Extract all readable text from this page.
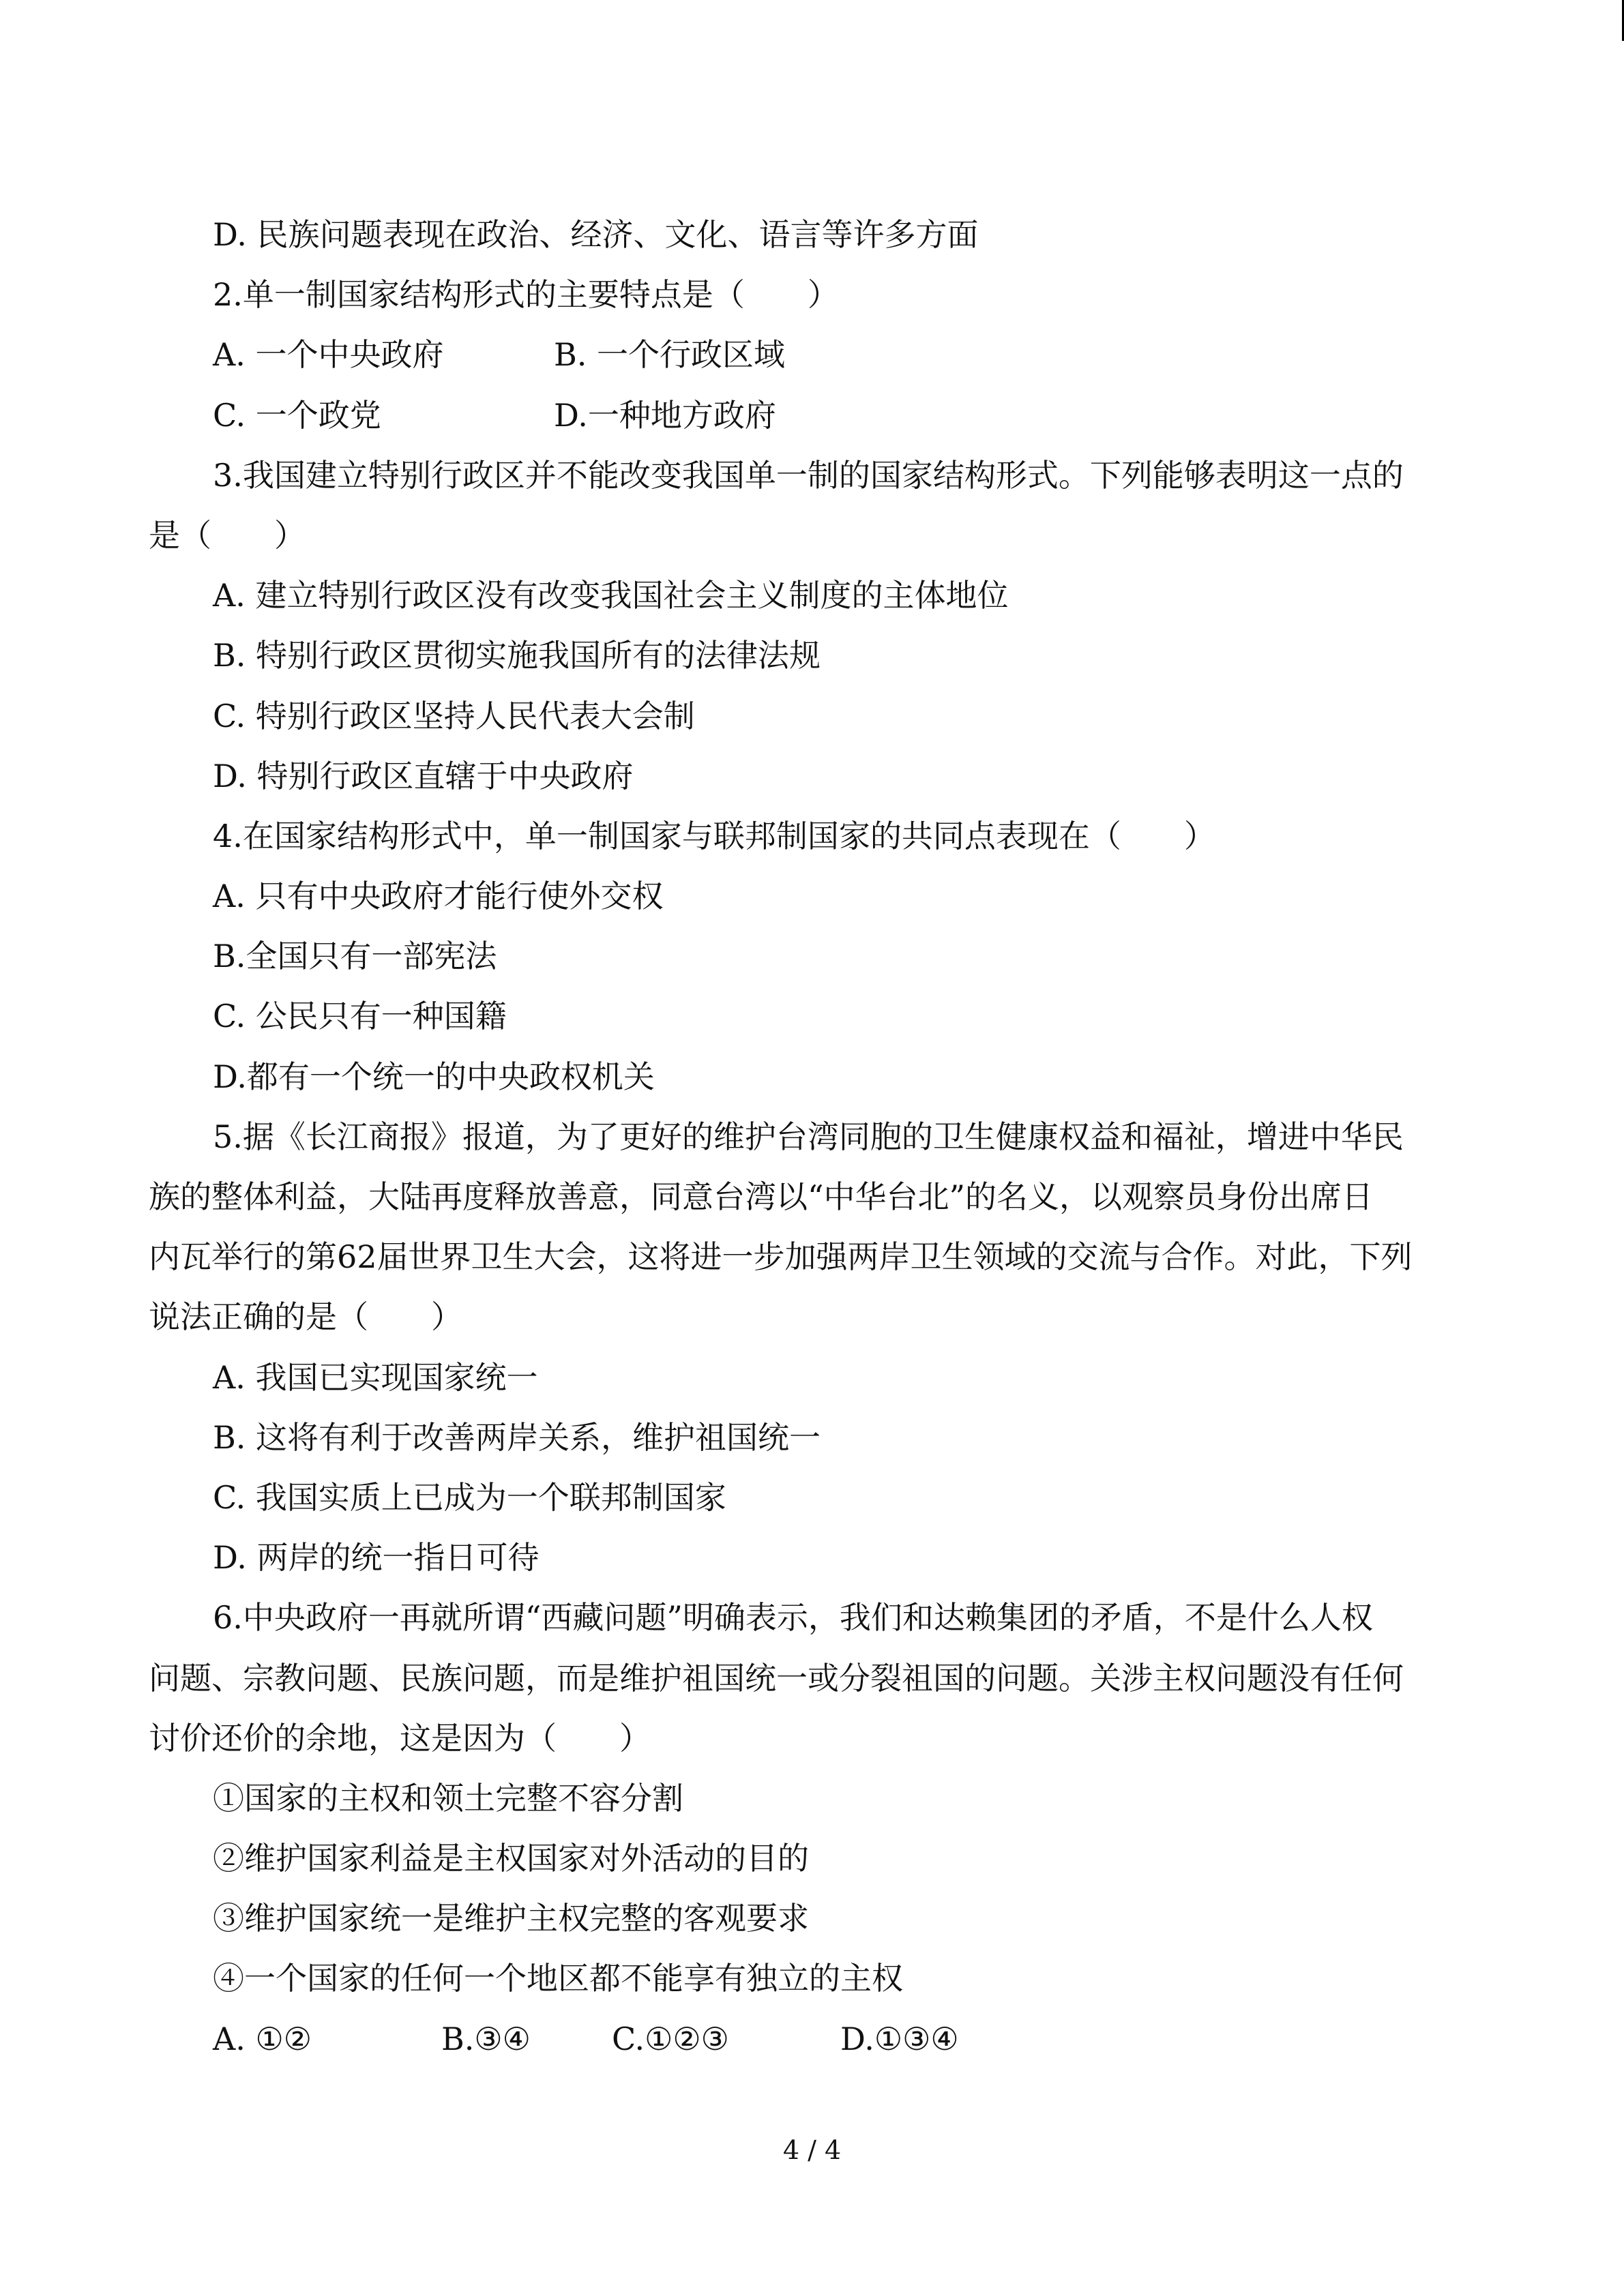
D. 民族问题表现在政治、经济、文化、语言等许多方面
2.单一制国家结构形式的主要特点是（　　）
A. 一个中央政府	B. 一个行政区域
C. 一个政党	D.一种地方政府
3.我国建立特别行政区并不能改变我国单一制的国家结构形式。下列能够表明这一点的
是（　　）
A. 建立特别行政区没有改变我国社会主义制度的主体地位
B. 特别行政区贯彻实施我国所有的法律法规
C. 特别行政区坚持人民代表大会制
D. 特别行政区直辖于中央政府
4.在国家结构形式中，单一制国家与联邦制国家的共同点表现在（　　）
A. 只有中央政府才能行使外交权
B.全国只有一部宪法
C. 公民只有一种国籍
D.都有一个统一的中央政权机关
5.据《长江商报》报道，为了更好的维护台湾同胞的卫生健康权益和福祉，增进中华民
族的整体利益，大陆再度释放善意，同意台湾以“中华台北”的名义，以观察员身份出席日
内瓦举行的第62届世界卫生大会，这将进一步加强两岸卫生领域的交流与合作。对此，下列
说法正确的是（　　）
A. 我国已实现国家统一
B. 这将有利于改善两岸关系，维护祖国统一
C. 我国实质上已成为一个联邦制国家
D. 两岸的统一指日可待
6.中央政府一再就所谓“西藏问题”明确表示，我们和达赖集团的矛盾，不是什么人权
问题、宗教问题、民族问题，而是维护祖国统一或分裂祖国的问题。关涉主权问题没有任何
讨价还价的余地，这是因为（　　）
①国家的主权和领土完整不容分割
②维护国家利益是主权国家对外活动的目的
③维护国家统一是维护主权完整的客观要求
④一个国家的任何一个地区都不能享有独立的主权
A. ①②	B.③④	C.①②③	D.①③④
4 / 4
